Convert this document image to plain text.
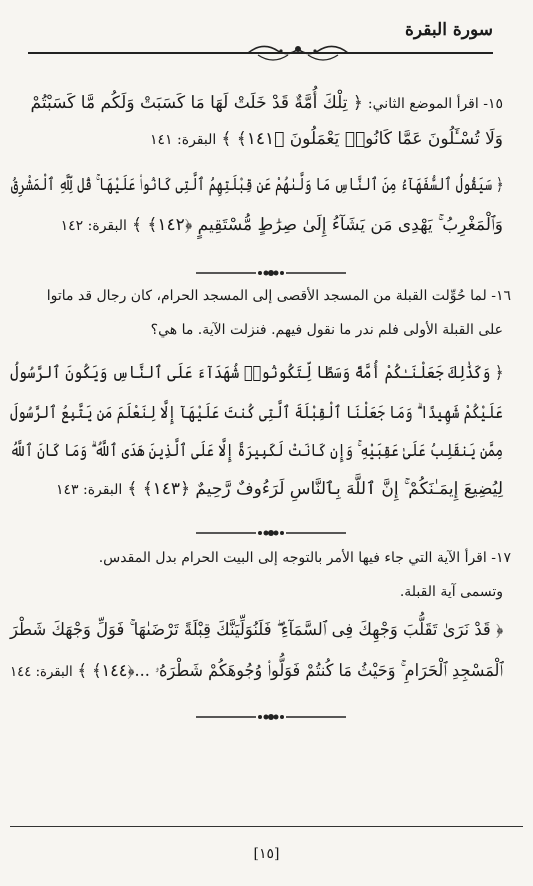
سورة البقرة
١٥- اقرأ الموضع الثاني: ﴿ تِلْكَ أُمَّةٌ قَدْ خَلَتْ لَهَا مَا كَسَبَتْ وَلَكُم مَّا كَسَبْتُمْ
وَلَا تُسْـَٔلُونَ عَمَّا كَانُوا۟ يَعْمَلُونَ ﴿١٤١﴾ ﴾ البقرة: ١٤١
﴿ سَيَقُولُ ٱلسُّفَهَآءُ مِنَ ٱلنَّاسِ مَا وَلَّىٰهُمْ عَن قِبْلَتِهِمُ ٱلَّتِى كَانُوا۟ عَلَيْهَا ۚ قُل لِّلَّهِ ٱلْمَشْرِقُ
وَٱلْمَغْرِبُ ۚ يَهْدِى مَن يَشَآءُ إِلَىٰ صِرَٰطٍ مُّسْتَقِيمٍ ﴿١٤٢﴾ ﴾ البقرة: ١٤٢
١٦- لما حُوِّلت القبلة من المسجد الأقصى إلى المسجد الحرام، كان رجال قد ماتوا
على القبلة الأولى فلم ندر ما نقول فيهم. فنزلت الآية. ما هي؟
﴿ وَكَذَٰلِكَ جَعَلْنَـٰكُمْ أُمَّةً وَسَطًا لِّتَكُونُوا۟ شُهَدَآءَ عَلَى ٱلنَّاسِ وَيَكُونَ ٱلرَّسُولُ
عَلَيْكُمْ شَهِيدًا ۗ وَمَا جَعَلْنَا ٱلْقِبْلَةَ ٱلَّتِى كُنتَ عَلَيْهَآ إِلَّا لِنَعْلَمَ مَن يَتَّبِعُ ٱلرَّسُولَ
مِمَّن يَنقَلِبُ عَلَىٰ عَقِبَيْهِ ۚ وَإِن كَانَتْ لَكَبِيرَةً إِلَّا عَلَى ٱلَّذِينَ هَدَى ٱللَّهُ ۗ وَمَا كَانَ ٱللَّهُ
لِيُضِيعَ إِيمَـٰنَكُمْ ۚ إِنَّ ٱللَّهَ بِٱلنَّاسِ لَرَءُوفٌ رَّحِيمٌ ﴿١٤٣﴾ ﴾ البقرة: ١٤٣
١٧- اقرأ الآية التي جاء فيها الأمر بالتوجه إلى البيت الحرام بدل المقدس.
وتسمى آية القبلة.
﴿ قَدْ نَرَىٰ تَقَلُّبَ وَجْهِكَ فِى ٱلسَّمَآءِ ۖ فَلَنُوَلِّيَنَّكَ قِبْلَةً تَرْضَىٰهَا ۚ فَوَلِّ وَجْهَكَ شَطْرَ
ٱلْمَسْجِدِ ٱلْحَرَامِ ۚ وَحَيْثُ مَا كُنتُمْ فَوَلُّوا۟ وُجُوهَكُمْ شَطْرَهُۥ ...﴿١٤٤﴾ ﴾ البقرة: ١٤٤
[١٥]
